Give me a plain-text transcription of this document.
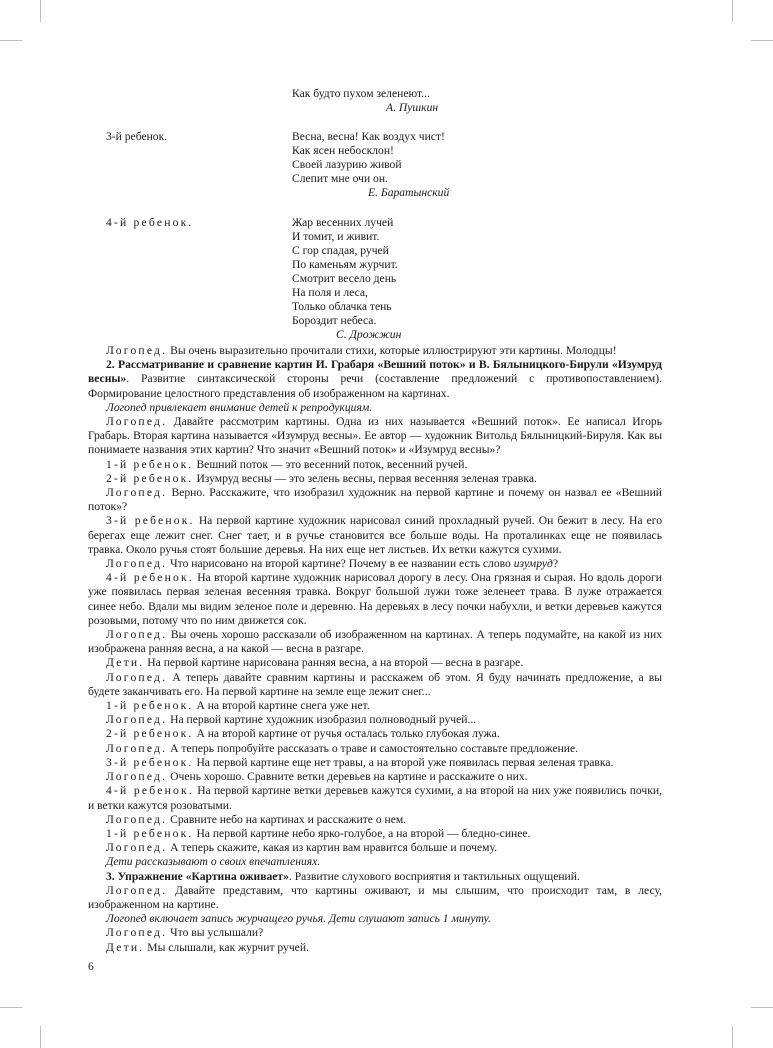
Как будто пухом зеленеют...
А. Пушкин
3-й ребенок.	Весна, весна! Как воздух чист!
Как ясен небосклон!
Своей лазурию живой
Слепит мне очи он.
Е. Баратынский
4-й ребенок.	Жар весенних лучей
И томит, и живит.
С гор спадая, ручей
По каменьям журчит.
Смотрит весело день
На поля и леса,
Только облачка тень
Бороздит небеса.
С. Дрожжин

Логопед. Вы очень выразительно прочитали стихи, которые иллюстрируют эти картины. Молодцы!

2. Рассматривание и сравнение картин И. Грабаря «Вешний поток» и В. Бялыницкого-Бирули «Изумруд весны». Развитие синтаксической стороны речи (составление предложений с противопоставлением). Формирование целостного представления об изображенном на картинах.

Логопед привлекает внимание детей к репродукциям.

Логопед. Давайте рассмотрим картины. Одна из них называется «Вешний поток». Ее написал Игорь Грабарь. Вторая картина называется «Изумруд весны». Ее автор — художник Витольд Бялыницкий-Бируля. Как вы понимаете названия этих картин? Что значит «Вешний поток» и «Изумруд весны»?

1-й ребенок. Вешний поток — это весенний поток, весенний ручей.

2-й ребенок. Изумруд весны — это зелень весны, первая весенняя зеленая травка.

Логопед. Верно. Расскажите, что изобразил художник на первой картине и почему он назвал ее «Вешний поток»?

3-й ребенок. На первой картине художник нарисовал синий прохладный ручей. Он бежит в лесу. На его берегах еще лежит снег. Снег тает, и в ручье становится все больше воды. На проталинках еще не появилась травка. Около ручья стоят большие деревья. На них еще нет листьев. Их ветки кажутся сухими.

Логопед. Что нарисовано на второй картине? Почему в ее названии есть слово изумруд?

4-й ребенок. На второй картине художник нарисовал дорогу в лесу. Она грязная и сырая. Но вдоль дороги уже появилась первая зеленая весенняя травка. Вокруг большой лужи тоже зеленеет трава. В луже отражается синее небо. Вдали мы видим зеленое поле и деревню. На деревьях в лесу почки набухли, и ветки деревьев кажутся розовыми, потому что по ним движется сок.

Логопед. Вы очень хорошо рассказали об изображенном на картинах. А теперь подумайте, на какой из них изображена ранняя весна, а на какой — весна в разгаре.

Дети. На первой картине нарисована ранняя весна, а на второй — весна в разгаре.

Логопед. А теперь давайте сравним картины и расскажем об этом. Я буду начинать предложение, а вы будете заканчивать его. На первой картине на земле еще лежит снег...

1-й ребенок. А на второй картине снега уже нет.

Логопед. На первой картине художник изобразил полноводный ручей...

2-й ребенок. А на второй картине от ручья осталась только глубокая лужа.

Логопед. А теперь попробуйте рассказать о траве и самостоятельно составьте предложение.

3-й ребенок. На первой картине еще нет травы, а на второй уже появилась первая зеленая травка.

Логопед. Очень хорошо. Сравните ветки деревьев на картине и расскажите о них.

4-й ребенок. На первой картине ветки деревьев кажутся сухими, а на второй на них уже появились почки, и ветки кажутся розоватыми.

Логопед. Сравните небо на картинах и расскажите о нем.

1-й ребенок. На первой картине небо ярко-голубое, а на второй — бледно-синее.

Логопед. А теперь скажите, какая из картин вам нравится больше и почему.

Дети рассказывают о своих впечатлениях.

3. Упражнение «Картина оживает». Развитие слухового восприятия и тактильных ощущений.

Логопед. Давайте представим, что картины оживают, и мы слышим, что происходит там, в лесу, изображенном на картине.

Логопед включает запись журчащего ручья. Дети слушают запись 1 минуту.

Логопед. Что вы услышали?

Дети. Мы слышали, как журчит ручей.

6
